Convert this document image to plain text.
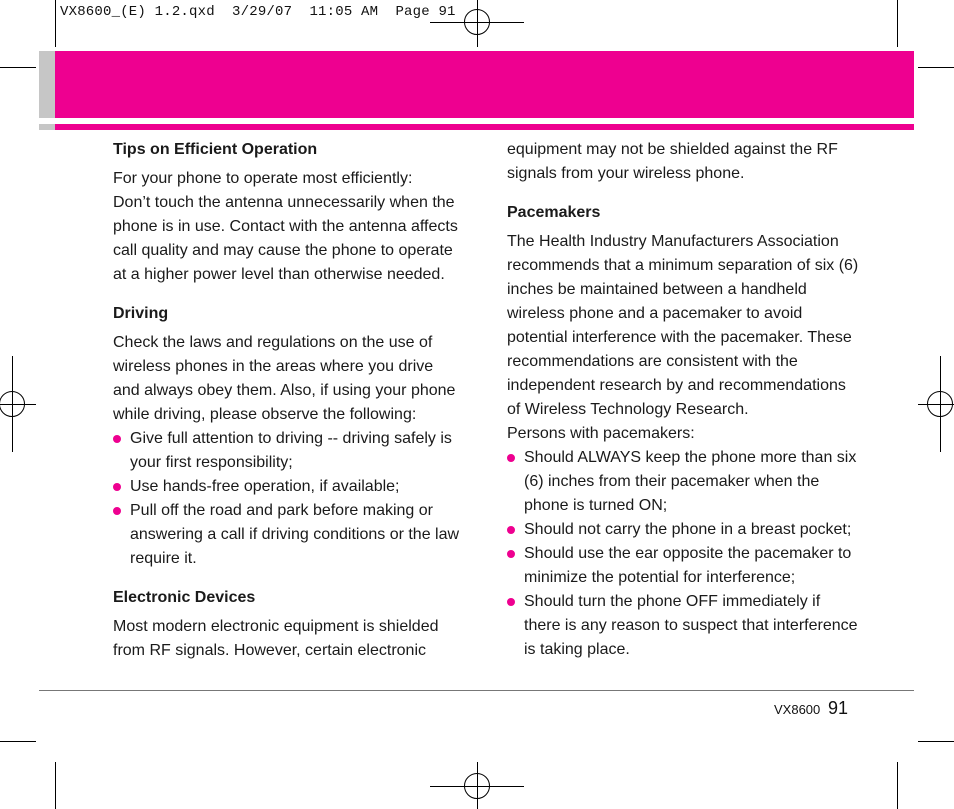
VX8600_(E) 1.2.qxd  3/29/07  11:05 AM  Page 91
Tips on Efficient Operation
For your phone to operate most efficiently:
Don’t touch the antenna unnecessarily when the phone is in use. Contact with the antenna affects call quality and may cause the phone to operate at a higher power level than otherwise needed.
Driving
Check the laws and regulations on the use of wireless phones in the areas where you drive and always obey them. Also, if using your phone while driving, please observe the following:
Give full attention to driving -- driving safely is your first responsibility;
Use hands-free operation, if available;
Pull off the road and park before making or answering a call if driving conditions or the law require it.
Electronic Devices
Most modern electronic equipment is shielded from RF signals. However, certain electronic
equipment may not be shielded against the RF signals from your wireless phone.
Pacemakers
The Health Industry Manufacturers Association recommends that a minimum separation of six (6) inches be maintained between a handheld wireless phone and a pacemaker to avoid potential interference with the pacemaker. These recommendations are consistent with the independent research by and recommendations of Wireless Technology Research.
Persons with pacemakers:
Should ALWAYS keep the phone more than six (6) inches from their pacemaker when the phone is turned ON;
Should not carry the phone in a breast pocket;
Should use the ear opposite the pacemaker to minimize the potential for interference;
Should turn the phone OFF immediately if there is any reason to suspect that interference is taking place.
VX8600 91
